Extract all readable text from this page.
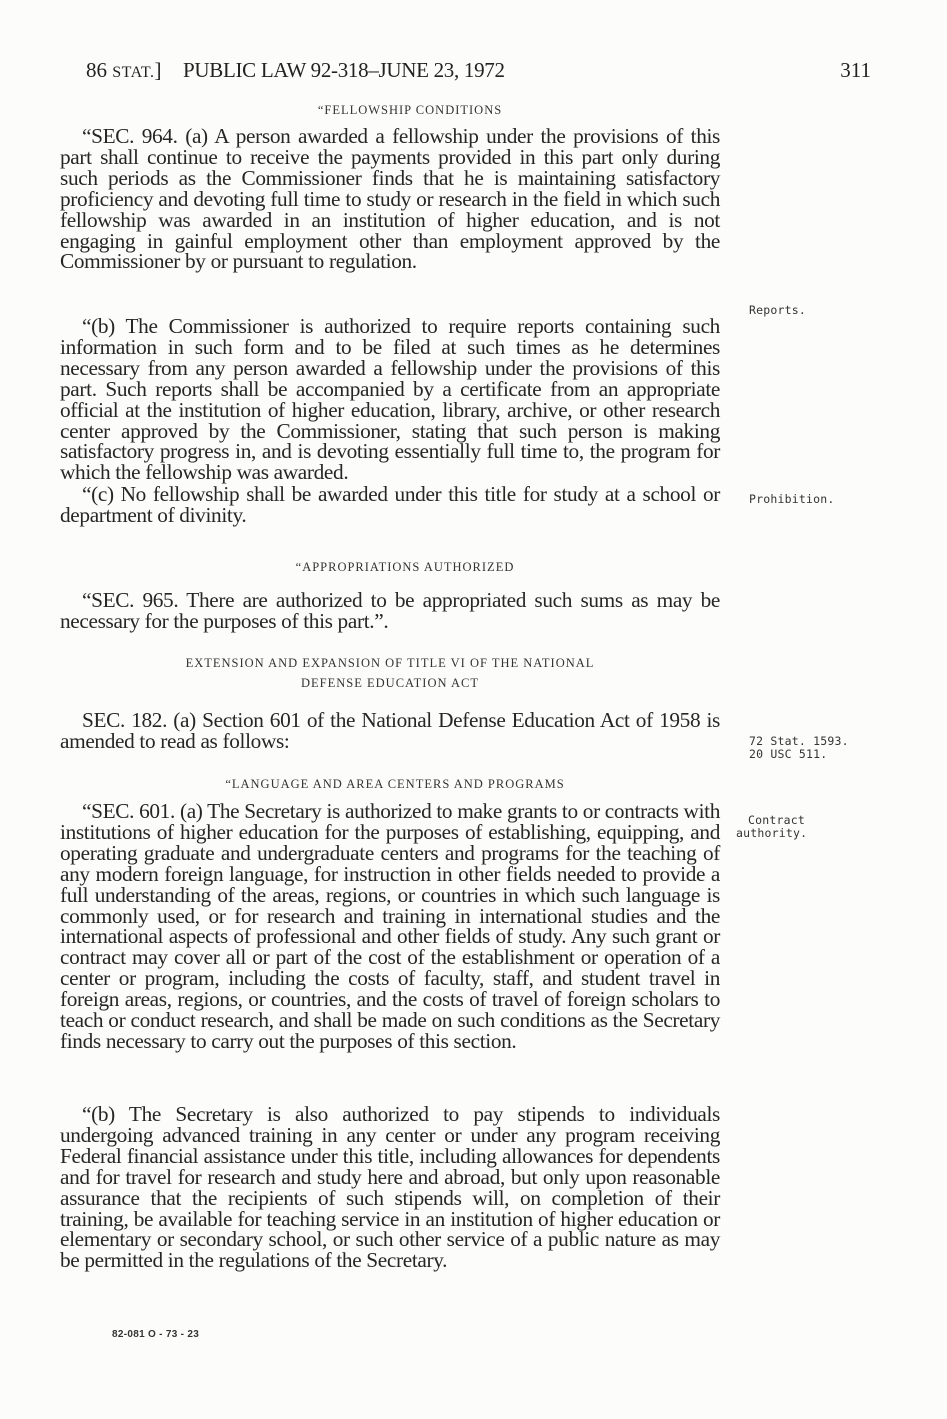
86 STAT.] PUBLIC LAW 92-318–JUNE 23, 1972	311
“FELLOWSHIP CONDITIONS

“SEC. 964. (a) A person awarded a fellowship under the provisions of this part shall continue to receive the payments provided in this part only during such periods as the Commissioner finds that he is maintaining satisfactory proficiency and devoting full time to study or research in the field in which such fellowship was awarded in an institution of higher education, and is not engaging in gainful employment other than employment approved by the Commissioner by or pursuant to regulation.

“(b) The Commissioner is authorized to require reports containing such information in such form and to be filed at such times as he determines necessary from any person awarded a fellowship under the provisions of this part. Such reports shall be accompanied by a certificate from an appropriate official at the institution of higher education, library, archive, or other research center approved by the Commissioner, stating that such person is making satisfactory progress in, and is devoting essentially full time to, the program for which the fellowship was awarded.

“(c) No fellowship shall be awarded under this title for study at a school or department of divinity.

“APPROPRIATIONS AUTHORIZED

“SEC. 965. There are authorized to be appropriated such sums as may be necessary for the purposes of this part.”.

EXTENSION AND EXPANSION OF TITLE VI OF THE NATIONAL
DEFENSE EDUCATION ACT

SEC. 182. (a) Section 601 of the National Defense Education Act of 1958 is amended to read as follows:

“LANGUAGE AND AREA CENTERS AND PROGRAMS

“SEC. 601. (a) The Secretary is authorized to make grants to or contracts with institutions of higher education for the purposes of establishing, equipping, and operating graduate and undergraduate centers and programs for the teaching of any modern foreign language, for instruction in other fields needed to provide a full understanding of the areas, regions, or countries in which such language is commonly used, or for research and training in international studies and the international aspects of professional and other fields of study. Any such grant or contract may cover all or part of the cost of the establishment or operation of a center or program, including the costs of faculty, staff, and student travel in foreign areas, regions, or countries, and the costs of travel of foreign scholars to teach or conduct research, and shall be made on such conditions as the Secretary finds necessary to carry out the purposes of this section.

“(b) The Secretary is also authorized to pay stipends to individuals undergoing advanced training in any center or under any program receiving Federal financial assistance under this title, including allowances for dependents and for travel for research and study here and abroad, but only upon reasonable assurance that the recipients of such stipends will, on completion of their training, be available for teaching service in an institution of higher education or elementary or secondary school, or such other service of a public nature as may be permitted in the regulations of the Secretary.

Reports.
Prohibition.
72 Stat. 1593.
20 USC 511.
Contract
authority.
82-081 O - 73 - 23
